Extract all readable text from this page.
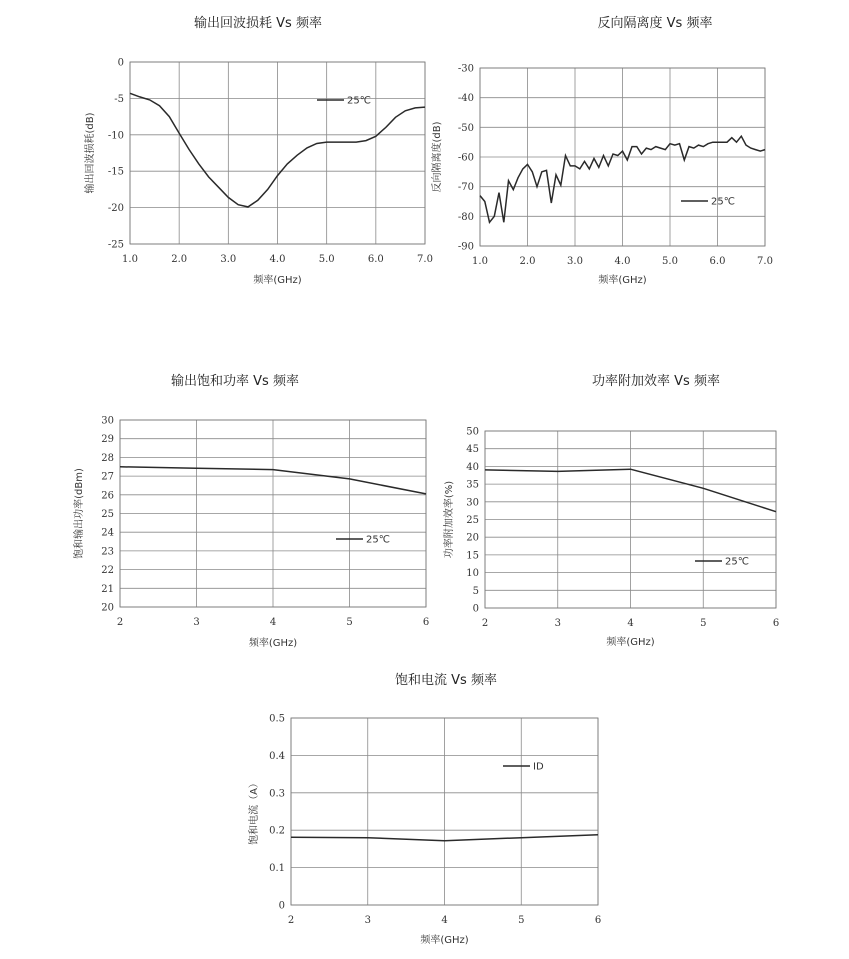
输出回波损耗 Vs 频率	反向隔离度 Vs 频率
输出饱和功率 Vs 频率	功率附加效率 Vs 频率
饱和电流 Vs 频率
1.0	2.0	3.0	4.0	5.0	6.0	7.0
0
-5
-10
-15
-20
-25
25℃
频率(GHz)
输出回波损耗(dB)
1.0	2.0	3.0	4.0	5.0	6.0	7.0
-30
-40
-50
-60
-70
-80
-90
25℃
频率(GHz)
反向隔离度(dB)
2	3	4	5	6
20
21
22
23
24
25
26
27
28
29
30
25℃
频率(GHz)
饱和输出功率(dBm)
2	3	4	5	6
0
5
10
15
20
25
30
35
40
45
50
25℃
频率(GHz)
功率附加效率(%)
2	3	4	5	6
0
0.1
0.2
0.3
0.4
0.5
ID
频率(GHz)
饱和电流（A）
